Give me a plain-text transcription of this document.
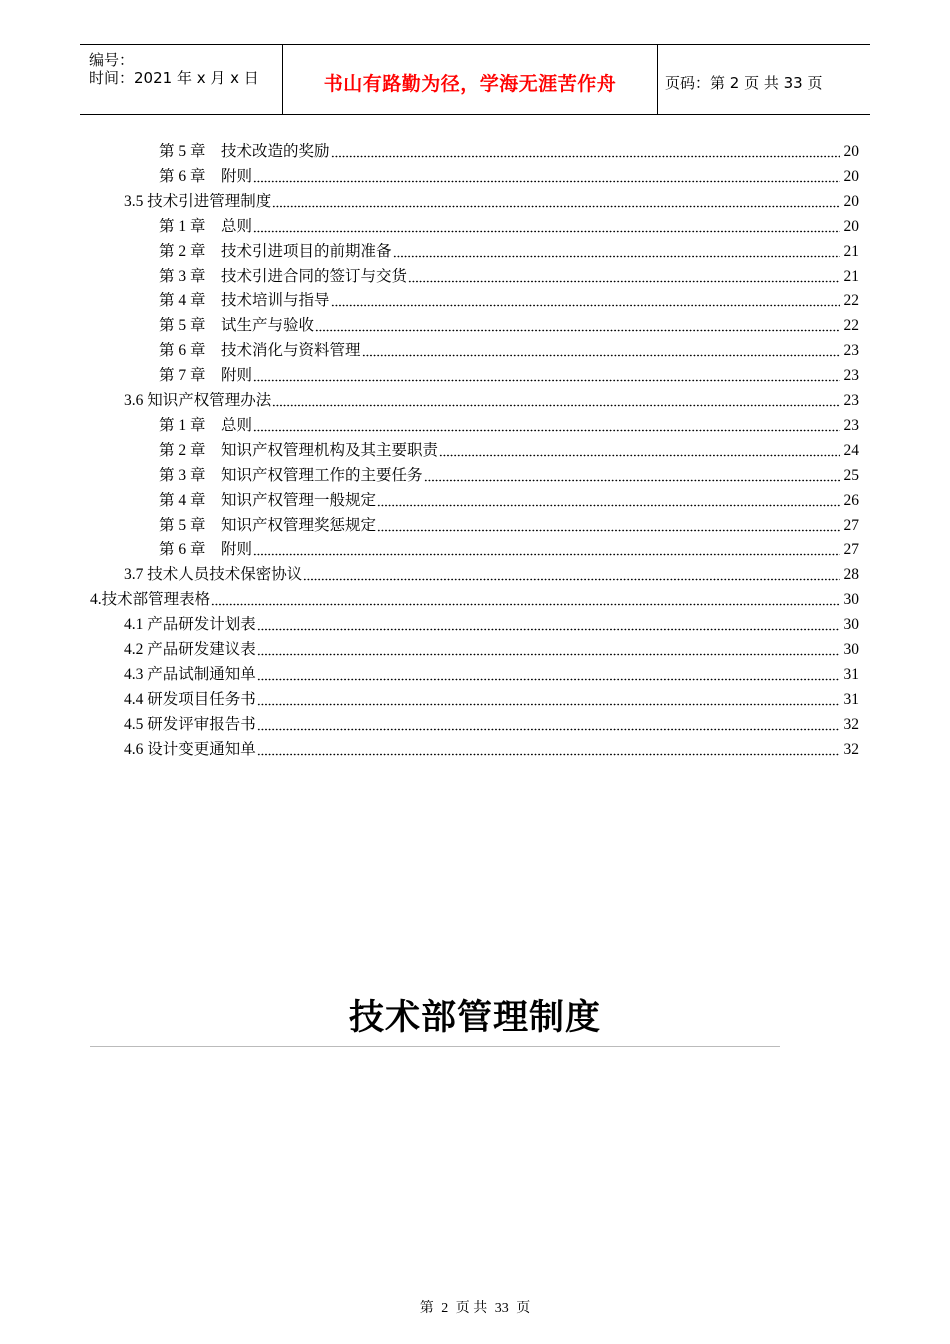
编号：
时间：2021 年 x 月 x 日	书山有路勤为径，学海无涯苦作舟	页码：第 2 页 共 33 页
第 5 章    技术改造的奖励	20
第 6 章    附则	20
3.5 技术引进管理制度	20
第 1 章    总则	20
第 2 章    技术引进项目的前期准备	21
第 3 章    技术引进合同的签订与交货	21
第 4 章    技术培训与指导	22
第 5 章    试生产与验收	22
第 6 章    技术消化与资料管理	23
第 7 章    附则	23
3.6 知识产权管理办法	23
第 1 章    总则	23
第 2 章    知识产权管理机构及其主要职责	24
第 3 章    知识产权管理工作的主要任务	25
第 4 章    知识产权管理一般规定	26
第 5 章    知识产权管理奖惩规定	27
第 6 章    附则	27
3.7 技术人员技术保密协议	28
4.技术部管理表格	30
4.1 产品研发计划表	30
4.2 产品研发建议表	30
4.3 产品试制通知单	31
4.4 研发项目任务书	31
4.5 研发评审报告书	32
4.6 设计变更通知单	32
技术部管理制度
第 2 页 共 33 页
